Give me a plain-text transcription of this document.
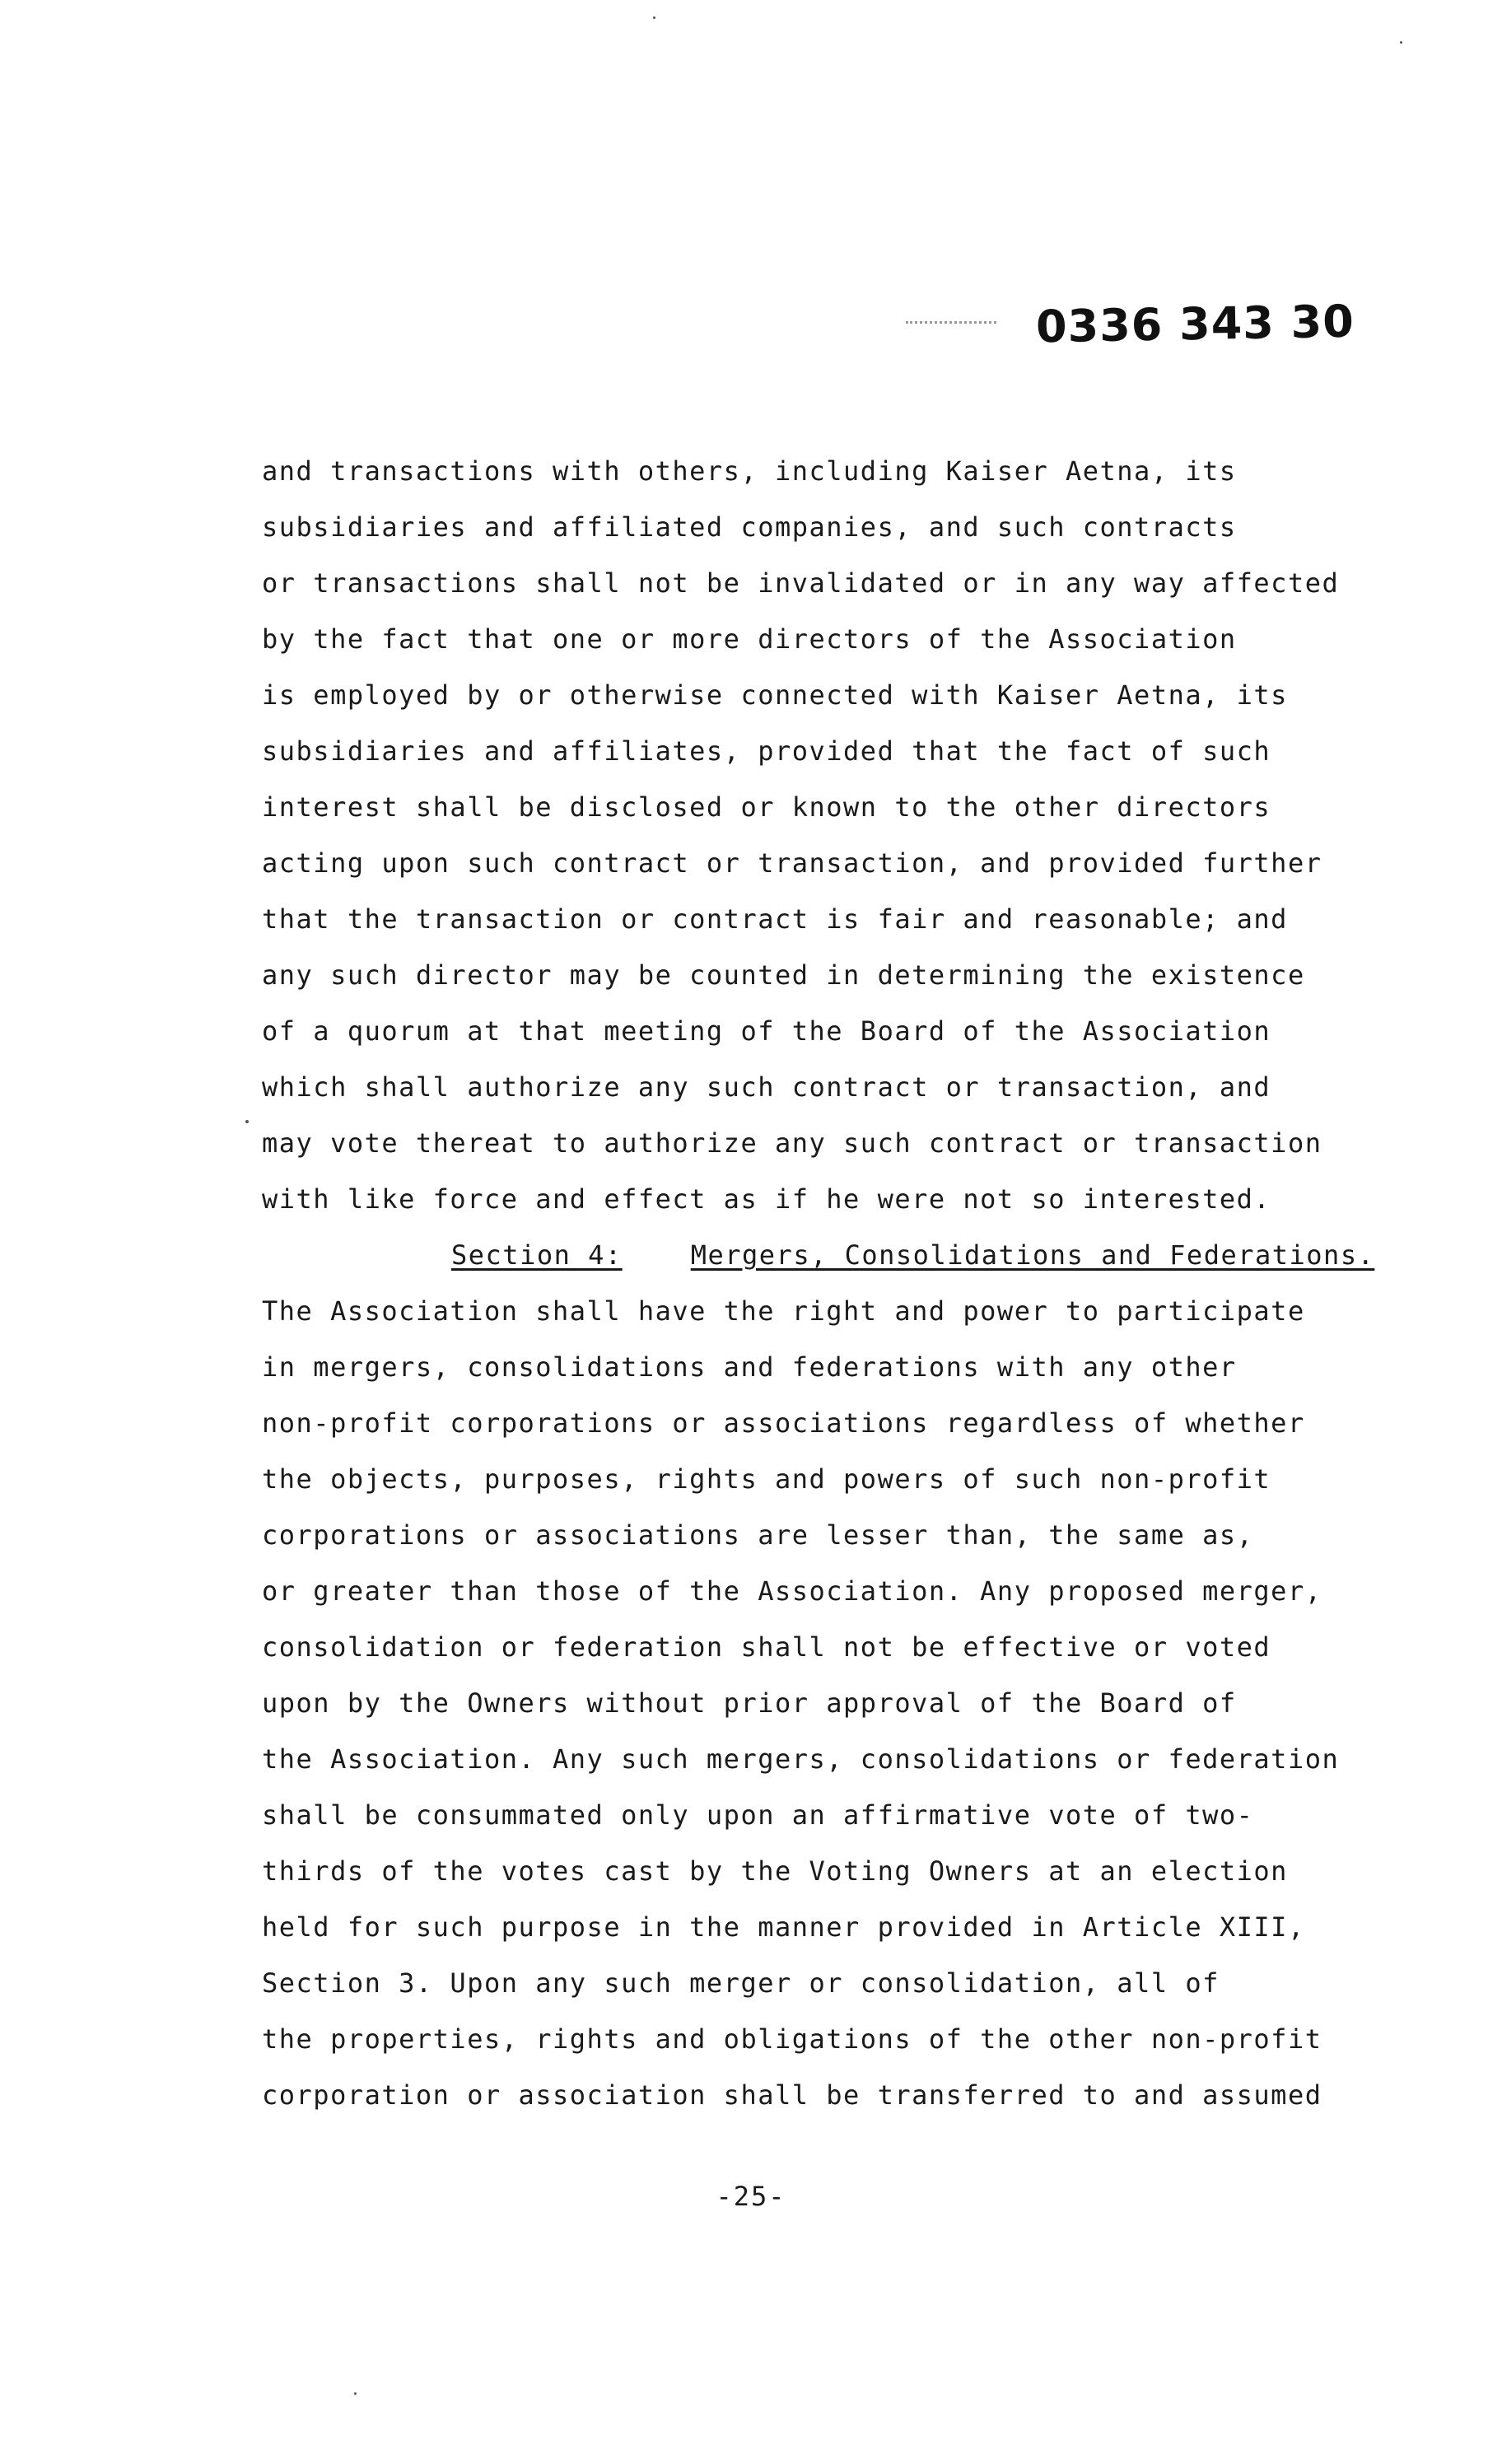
0336 343 30
and transactions with others, including Kaiser Aetna, its
subsidiaries and affiliated companies, and such contracts
or transactions shall not be invalidated or in any way affected
by the fact that one or more directors of the Association
is employed by or otherwise connected with Kaiser Aetna, its
subsidiaries and affiliates, provided that the fact of such
interest shall be disclosed or known to the other directors
acting upon such contract or transaction, and provided further
that the transaction or contract is fair and reasonable; and
any such director may be counted in determining the existence
of a quorum at that meeting of the Board of the Association
which shall authorize any such contract or transaction, and
may vote thereat to authorize any such contract or transaction
with like force and effect as if he were not so interested.
Section 4:	Mergers, Consolidations and Federations.
The Association shall have the right and power to participate
in mergers, consolidations and federations with any other
non-profit corporations or associations regardless of whether
the objects, purposes, rights and powers of such non-profit
corporations or associations are lesser than, the same as,
or greater than those of the Association. Any proposed merger,
consolidation or federation shall not be effective or voted
upon by the Owners without prior approval of the Board of
the Association. Any such mergers, consolidations or federation
shall be consummated only upon an affirmative vote of two-
thirds of the votes cast by the Voting Owners at an election
held for such purpose in the manner provided in Article XIII,
Section 3. Upon any such merger or consolidation, all of
the properties, rights and obligations of the other non-profit
corporation or association shall be transferred to and assumed
-25-
